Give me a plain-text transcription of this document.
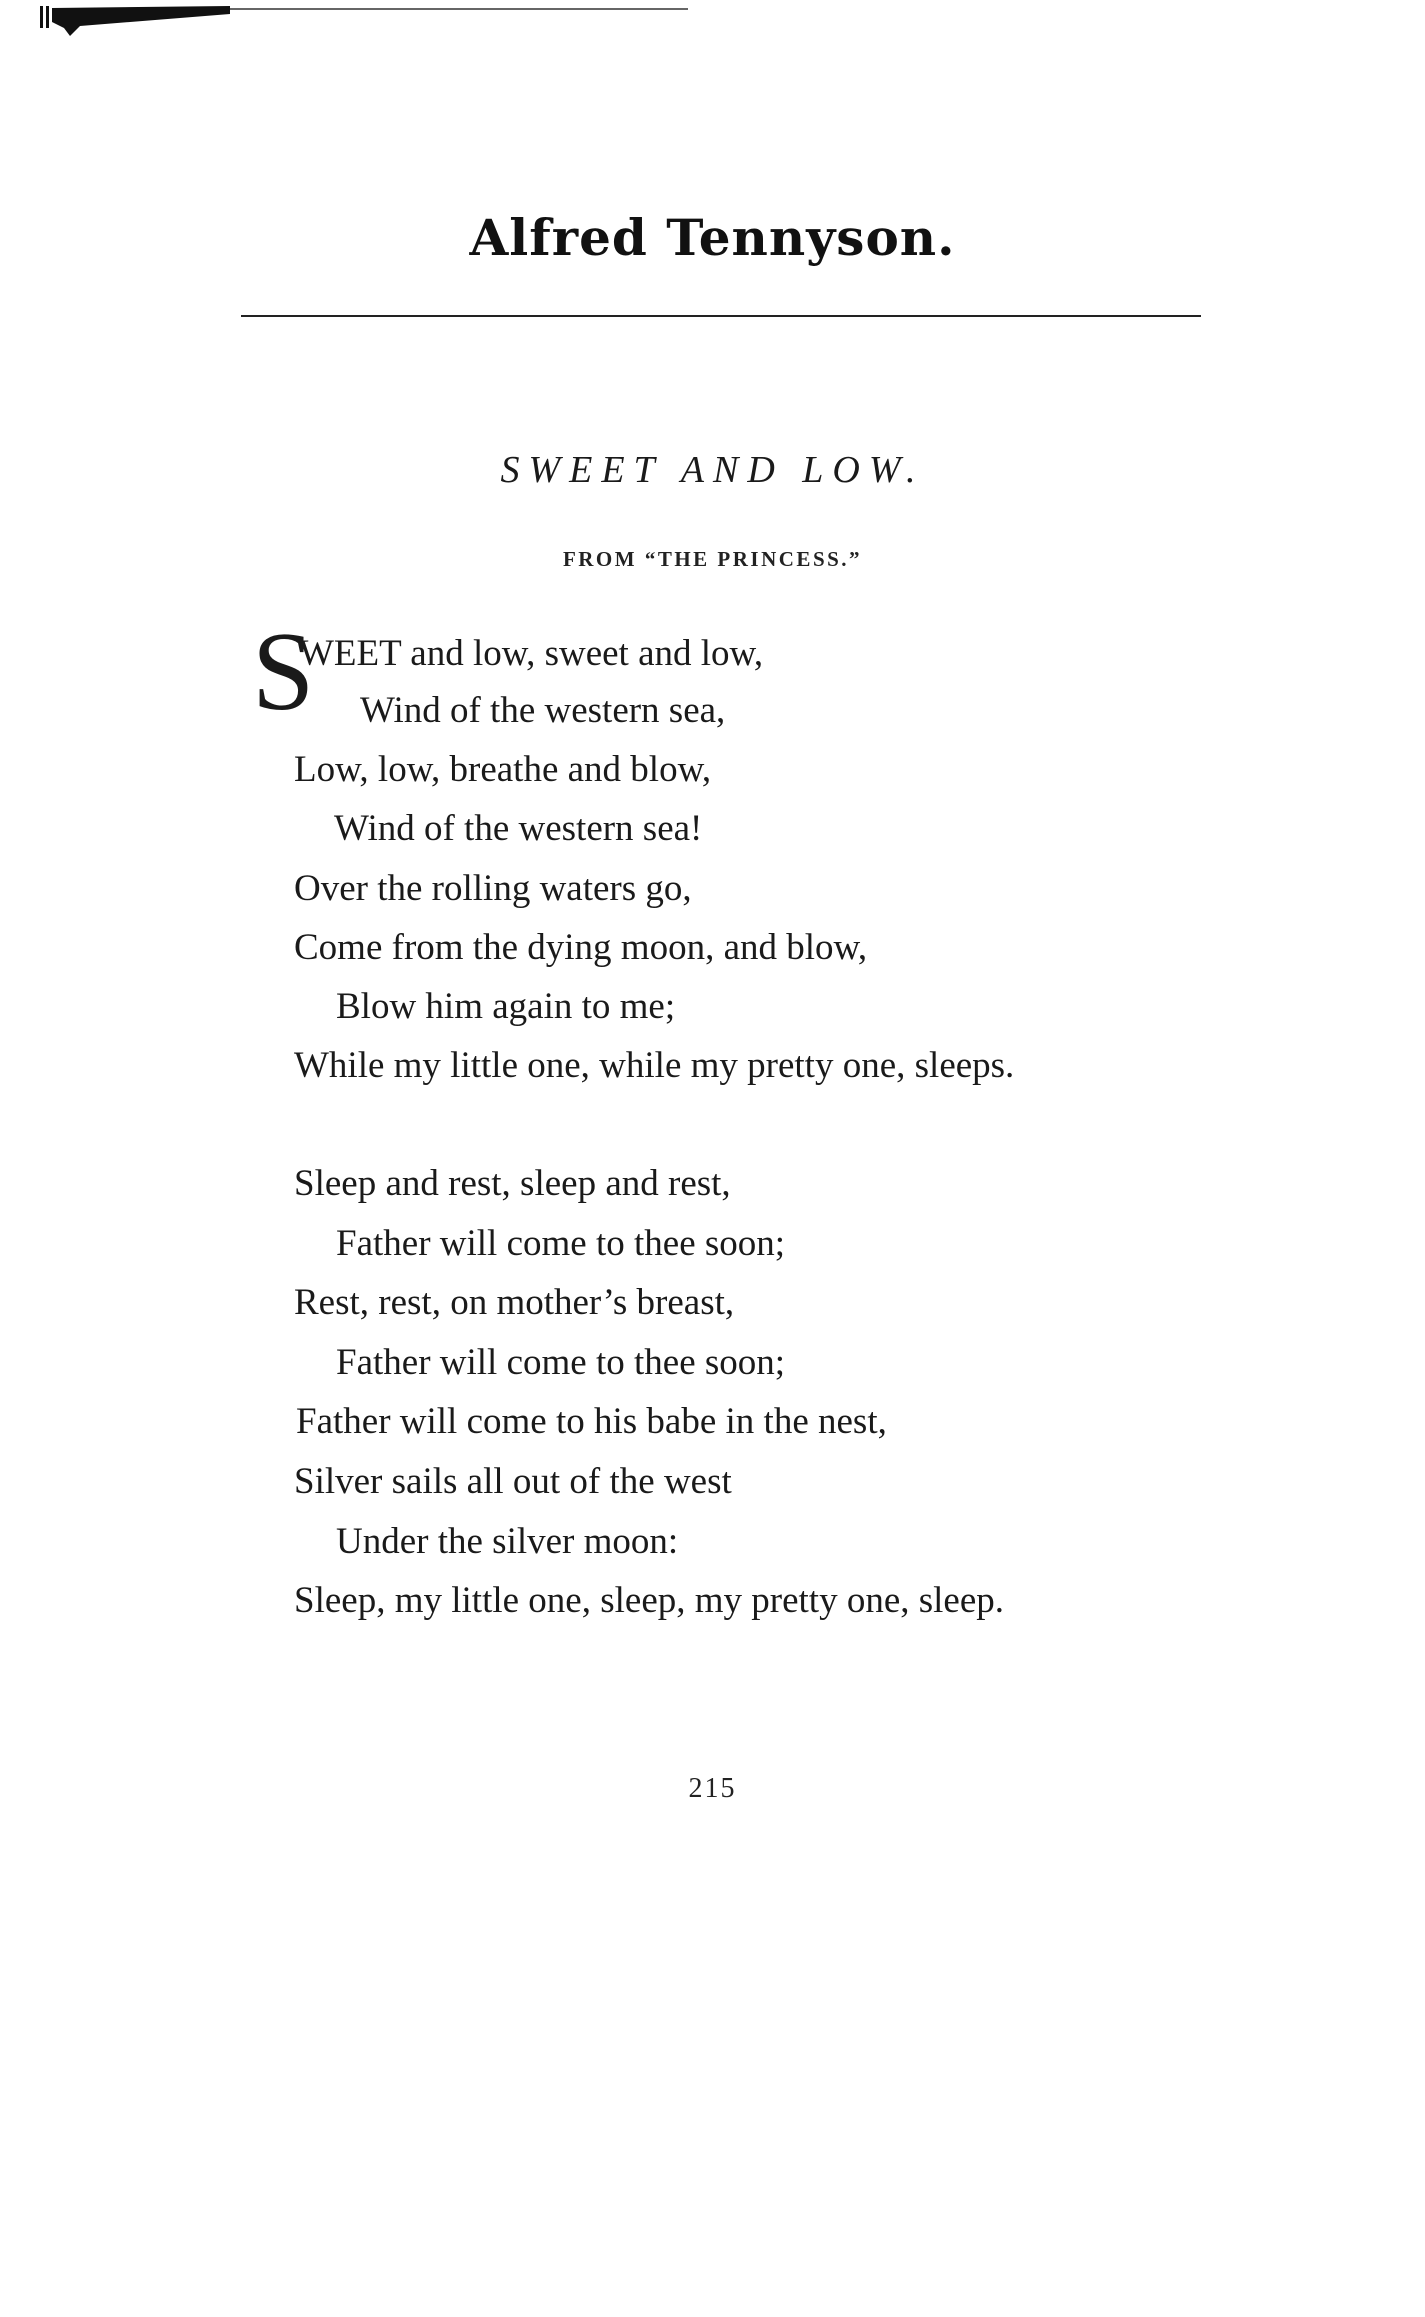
Alfred Tennyson.
SWEET AND LOW.
FROM “THE PRINCESS.”
S
WEET and low, sweet and low,
Wind of the western sea,
Low, low, breathe and blow,
Wind of the western sea!
Over the rolling waters go,
Come from the dying moon, and blow,
Blow him again to me;
While my little one, while my pretty one, sleeps.
Sleep and rest, sleep and rest,
Father will come to thee soon;
Rest, rest, on mother’s breast,
Father will come to thee soon;
Father will come to his babe in the nest,
Silver sails all out of the west
Under the silver moon:
Sleep, my little one, sleep, my pretty one, sleep.
215
